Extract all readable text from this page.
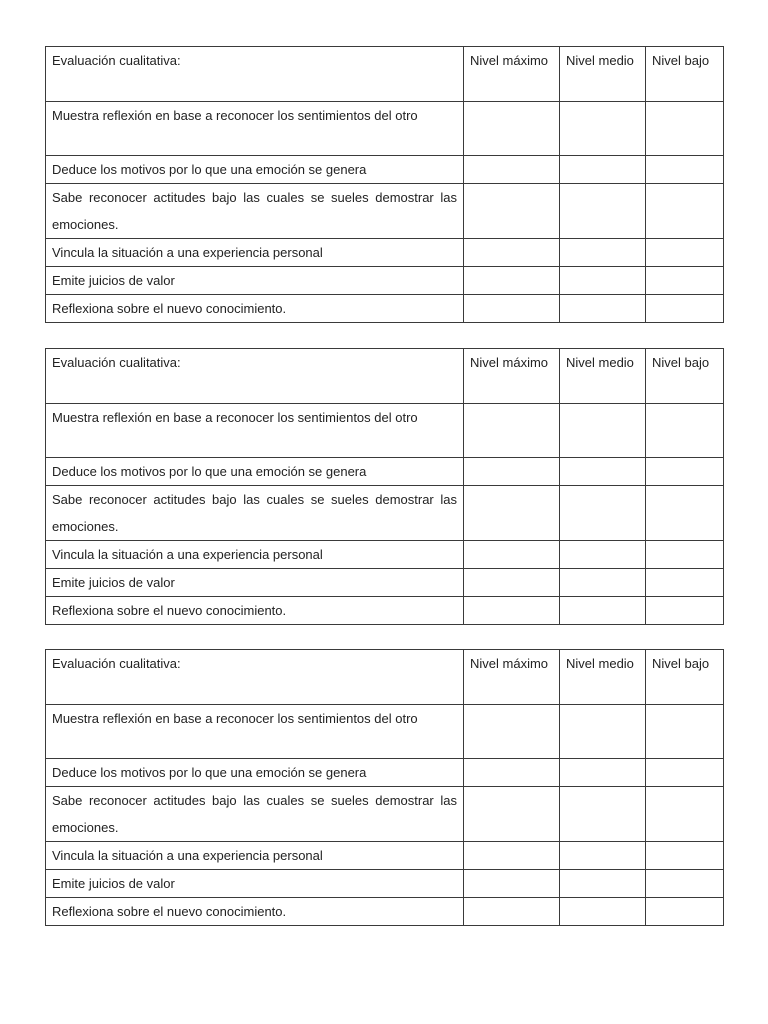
Evaluación cualitativa:	Nivel máximo	Nivel medio	Nivel bajo
Muestra reflexión en base a reconocer los sentimientos del otro			
Deduce los motivos por lo que una emoción se genera			
Sabe reconocer actitudes bajo las cuales se sueles demostrar las emociones.			
Vincula la situación a una experiencia personal			
Emite juicios de valor			
Reflexiona sobre el nuevo conocimiento.			
Evaluación cualitativa:	Nivel máximo	Nivel medio	Nivel bajo
Muestra reflexión en base a reconocer los sentimientos del otro			
Deduce los motivos por lo que una emoción se genera			
Sabe reconocer actitudes bajo las cuales se sueles demostrar las emociones.			
Vincula la situación a una experiencia personal			
Emite juicios de valor			
Reflexiona sobre el nuevo conocimiento.			
Evaluación cualitativa:	Nivel máximo	Nivel medio	Nivel bajo
Muestra reflexión en base a reconocer los sentimientos del otro			
Deduce los motivos por lo que una emoción se genera			
Sabe reconocer actitudes bajo las cuales se sueles demostrar las emociones.			
Vincula la situación a una experiencia personal			
Emite juicios de valor			
Reflexiona sobre el nuevo conocimiento.			
